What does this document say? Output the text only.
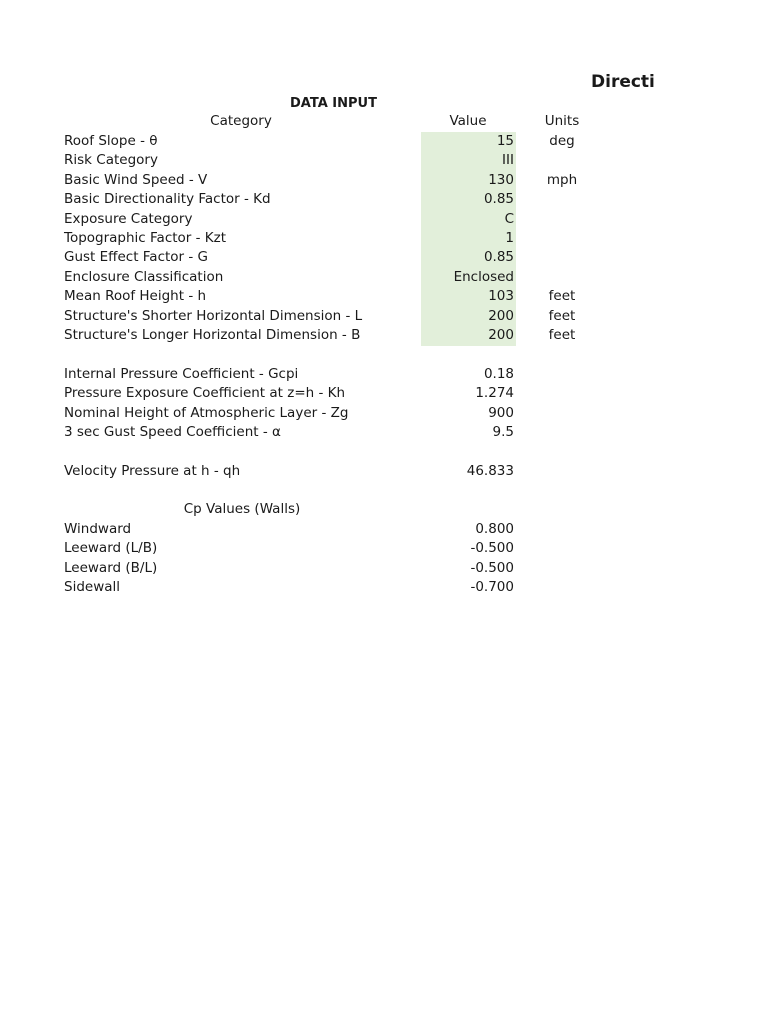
Directi
DATA INPUT
Category	Value	Units
Roof Slope - θ	15	deg
Risk Category	III
Basic Wind Speed - V	130 mph
Basic Directionality Factor - Kd	0.85
Exposure Category	C
Topographic Factor - Kzt	1
Gust Effect Factor - G	0.85
Enclosure Classification	Enclosed
Mean Roof Height - h	103	feet
Structure's Shorter Horizontal Dimension - L	200	feet
Structure's Longer Horizontal Dimension - B	200	feet
Internal Pressure Coefficient - Gcpi	0.18
Pressure Exposure Coefficient at z=h - Kh	1.274
Nominal Height of Atmospheric Layer - Zg	900
3 sec Gust Speed Coefficient - α	9.5
Velocity Pressure at h - qh	46.833
Cp Values (Walls)
Windward	0.800
Leeward (L/B)	-0.500
Leeward (B/L)	-0.500
Sidewall	-0.700
